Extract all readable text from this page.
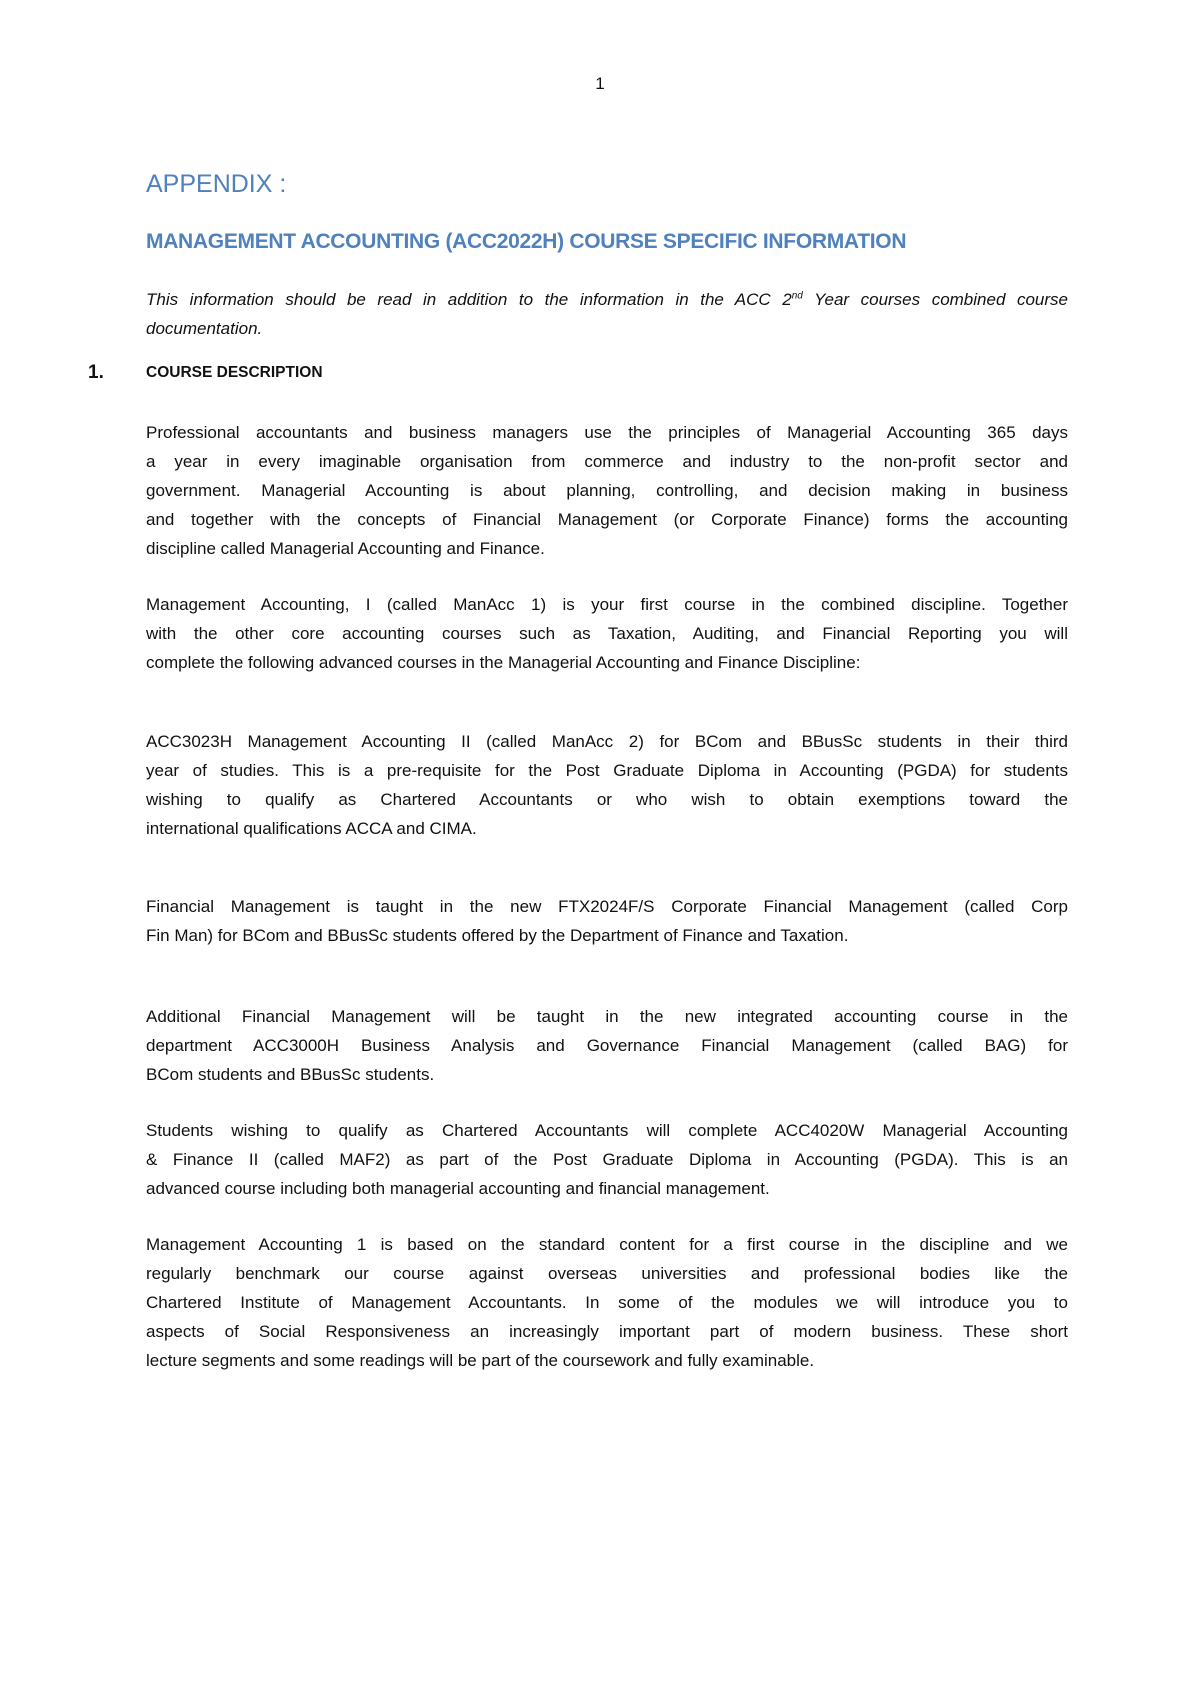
1
APPENDIX :
MANAGEMENT ACCOUNTING (ACC2022H) COURSE SPECIFIC INFORMATION
This information should be read in addition to the information in the ACC 2nd Year courses combined course
documentation.
1.	COURSE DESCRIPTION
Professional accountants and business managers use the principles of Managerial Accounting 365 days
a year in every imaginable organisation from commerce and industry to the non-profit sector and
government. Managerial Accounting is about planning, controlling, and decision making in business
and together with the concepts of Financial Management (or Corporate Finance) forms the accounting
discipline called Managerial Accounting and Finance.
Management Accounting, I (called ManAcc 1) is your first course in the combined discipline. Together
with the other core accounting courses such as Taxation, Auditing, and Financial Reporting you will
complete the following advanced courses in the Managerial Accounting and Finance Discipline:
ACC3023H Management Accounting II (called ManAcc 2) for BCom and BBusSc students in their third
year of studies. This is a pre-requisite for the Post Graduate Diploma in Accounting (PGDA) for students
wishing to qualify as Chartered Accountants or who wish to obtain exemptions toward the
international qualifications ACCA and CIMA.
Financial Management is taught in the new FTX2024F/S Corporate Financial Management (called Corp
Fin Man) for BCom and BBusSc students offered by the Department of Finance and Taxation.
Additional Financial Management will be taught in the new integrated accounting course in the
department ACC3000H Business Analysis and Governance Financial Management (called BAG) for
BCom students and BBusSc students.
Students wishing to qualify as Chartered Accountants will complete ACC4020W Managerial Accounting
& Finance II (called MAF2) as part of the Post Graduate Diploma in Accounting (PGDA). This is an
advanced course including both managerial accounting and financial management.
Management Accounting 1 is based on the standard content for a first course in the discipline and we
regularly benchmark our course against overseas universities and professional bodies like the
Chartered Institute of Management Accountants. In some of the modules we will introduce you to
aspects of Social Responsiveness an increasingly important part of modern business. These short
lecture segments and some readings will be part of the coursework and fully examinable.
